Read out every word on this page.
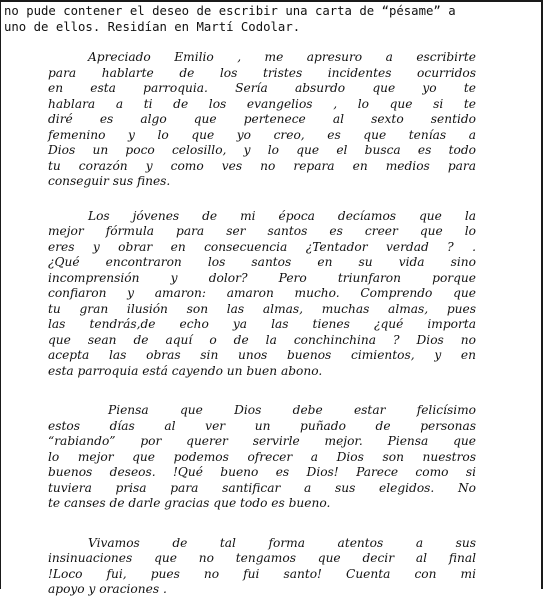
no pude contener el deseo de escribir una carta de “pésame” a
uno de ellos. Residían en Martí Codolar.
Apreciado Emilio , me apresuro a escribirte
para hablarte de los tristes incidentes ocurridos
en esta parroquia. Sería absurdo que yo te
hablara a ti de los evangelios , lo que si te
diré es algo que pertenece al sexto sentido
femenino y lo que yo creo, es que tenías a
Dios un poco celosillo, y lo que el busca es todo
tu corazón y como ves no repara en medios para
conseguir sus fines.
Los jóvenes de mi época decíamos que la
mejor fórmula para ser santos es creer que lo
eres y obrar en consecuencia ¿Tentador verdad ? .
¿Qué encontraron los santos en su vida sino
incomprensión y dolor? Pero triunfaron porque
confiaron y amaron: amaron mucho. Comprendo que
tu gran ilusión son las almas, muchas almas, pues
las tendrás,de echo ya las tienes ¿qué importa
que sean de aquí o de la conchinchina ? Dios no
acepta las obras sin unos buenos cimientos, y en
esta parroquia está cayendo un buen abono.
Piensa que Dios debe estar felicísimo
estos días al ver un puñado de personas
“rabiando” por querer servirle mejor. Piensa que
lo mejor que podemos ofrecer a Dios son nuestros
buenos deseos. !Qué bueno es Dios! Parece como si
tuviera prisa para santificar a sus elegidos. No
te canses de darle gracias que todo es bueno.
Vivamos de tal forma atentos a sus
insinuaciones que no tengamos que decir al final
!Loco fui, pues no fui santo! Cuenta con mi
apoyo y oraciones .
